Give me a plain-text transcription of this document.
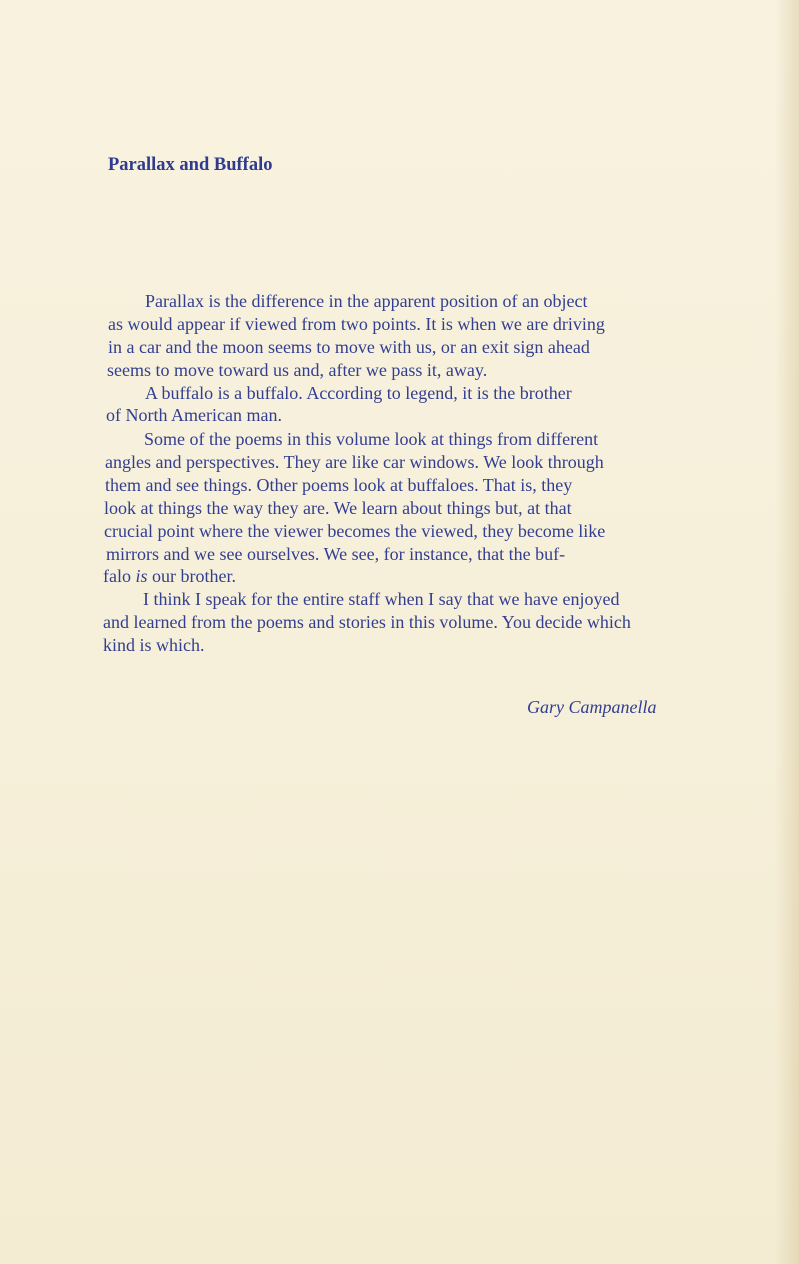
Parallax and Buffalo

Parallax is the difference in the apparent position of an object

as would appear if viewed from two points. It is when we are driving

in a car and the moon seems to move with us, or an exit sign ahead

seems to move toward us and, after we pass it, away.

A buffalo is a buffalo. According to legend, it is the brother

of North American man.

Some of the poems in this volume look at things from different

angles and perspectives. They are like car windows. We look through

them and see things. Other poems look at buffaloes. That is, they

look at things the way they are. We learn about things but, at that

crucial point where the viewer becomes the viewed, they become like

mirrors and we see ourselves. We see, for instance, that the buf-

falo is our brother.

I think I speak for the entire staff when I say that we have enjoyed

and learned from the poems and stories in this volume. You decide which

kind is which.

Gary Campanella
